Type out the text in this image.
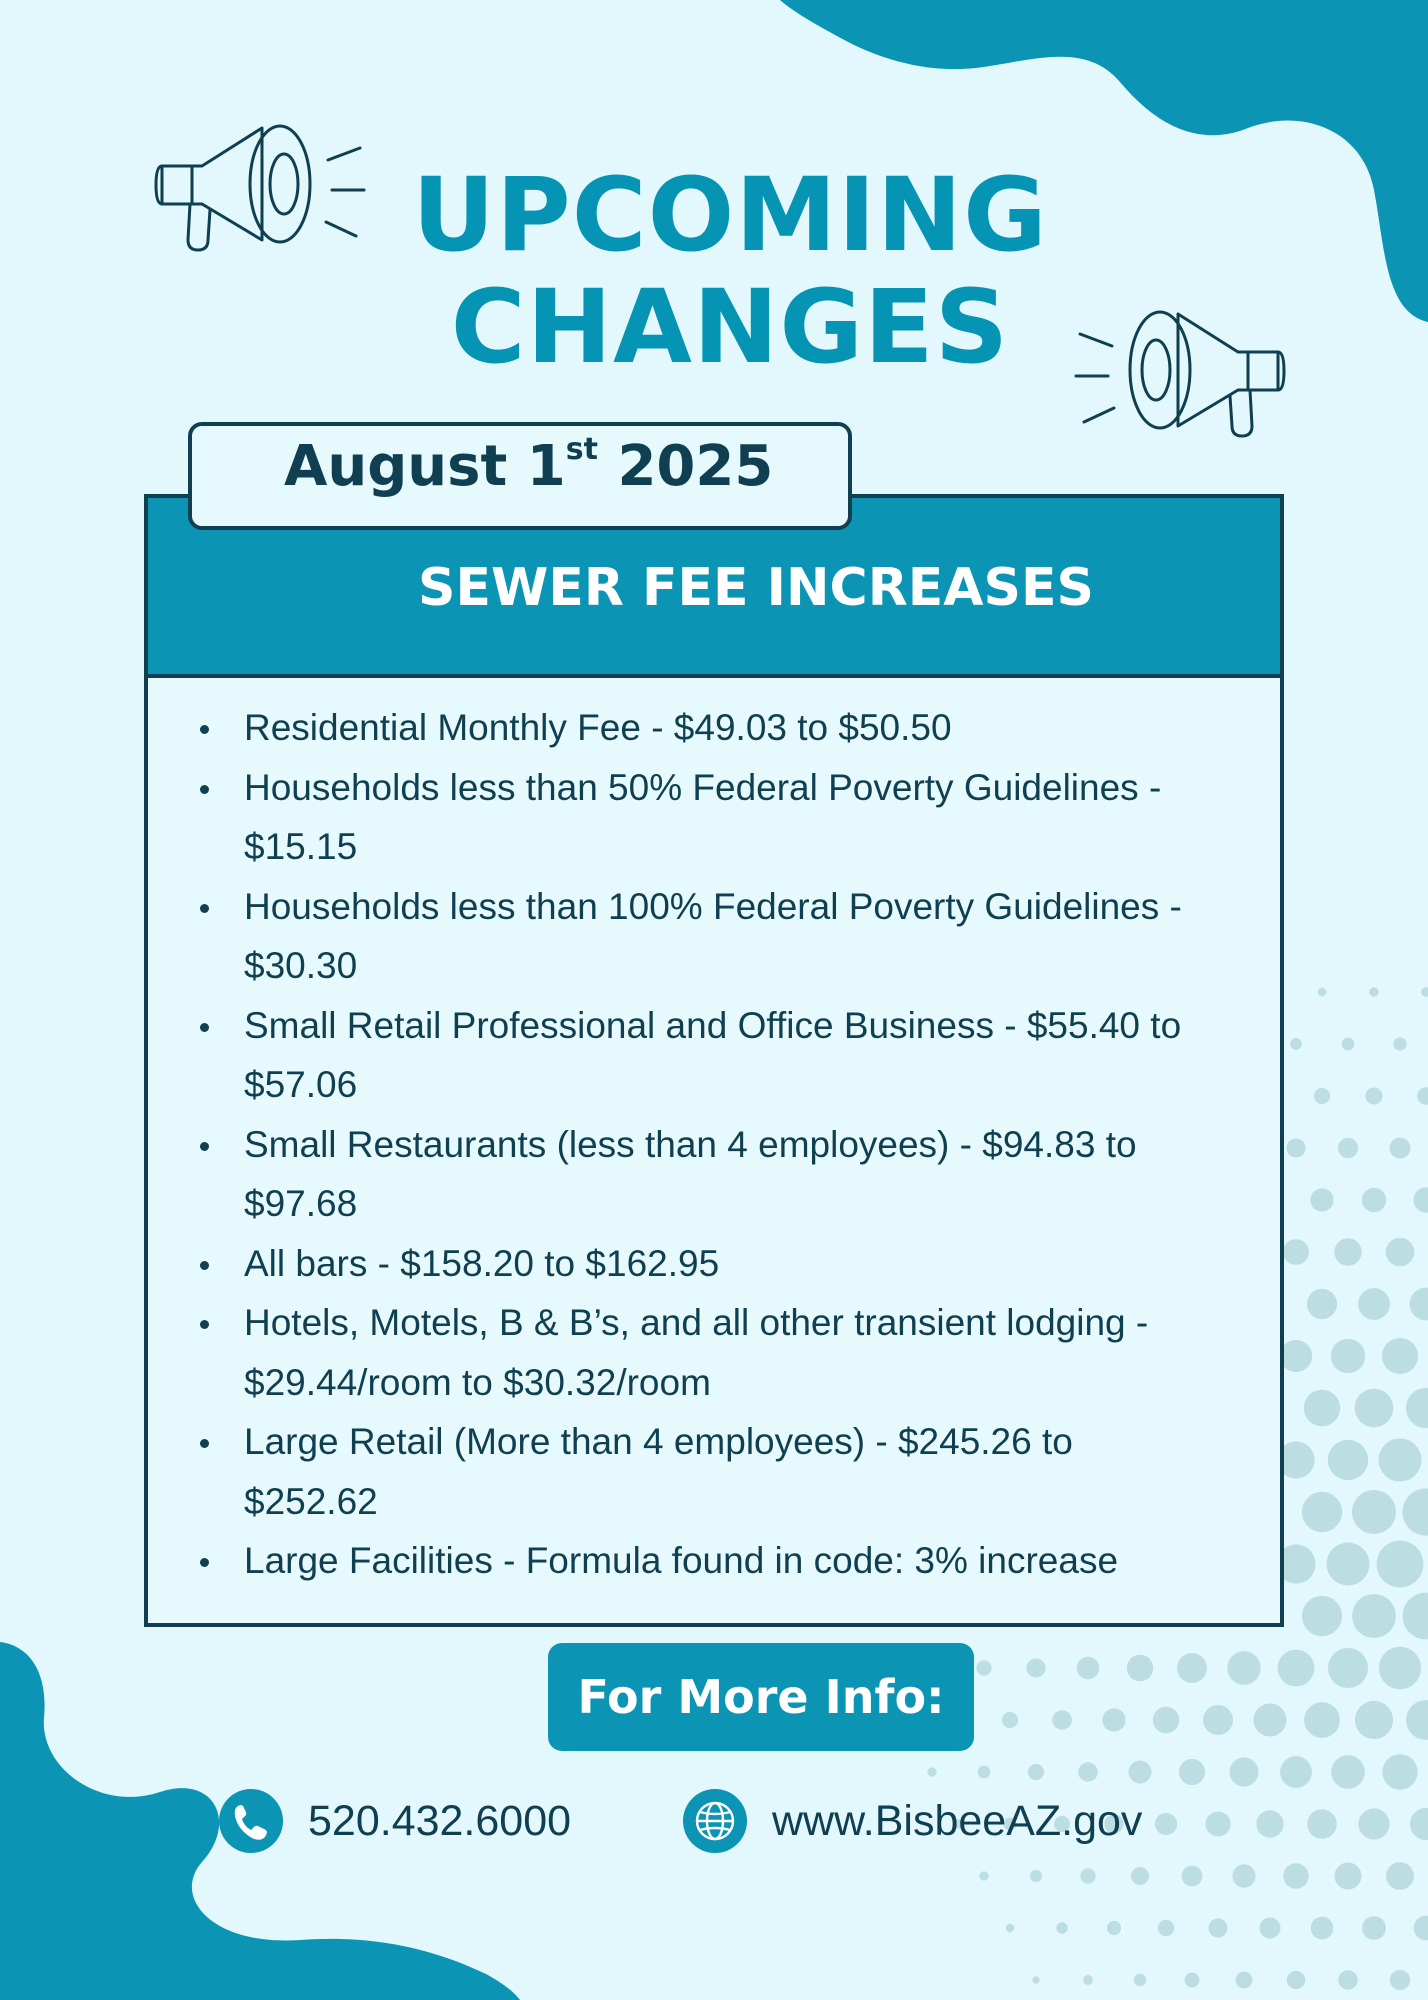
UPCOMING
CHANGES
August 1st 2025
SEWER FEE INCREASES
Residential Monthly Fee - $49.03 to $50.50
Households less than 50% Federal Poverty Guidelines - $15.15
Households less than 100% Federal Poverty Guidelines - $30.30
Small Retail Professional and Office Business - $55.40 to $57.06
Small Restaurants (less than 4 employees) - $94.83 to $97.68
All bars - $158.20 to $162.95
Hotels, Motels, B & B’s, and all other transient lodging - $29.44/room to $30.32/room
Large Retail (More than 4 employees) - $245.26 to $252.62
Large Facilities - Formula found in code: 3% increase
For More Info:
520.432.6000	www.BisbeeAZ.gov
